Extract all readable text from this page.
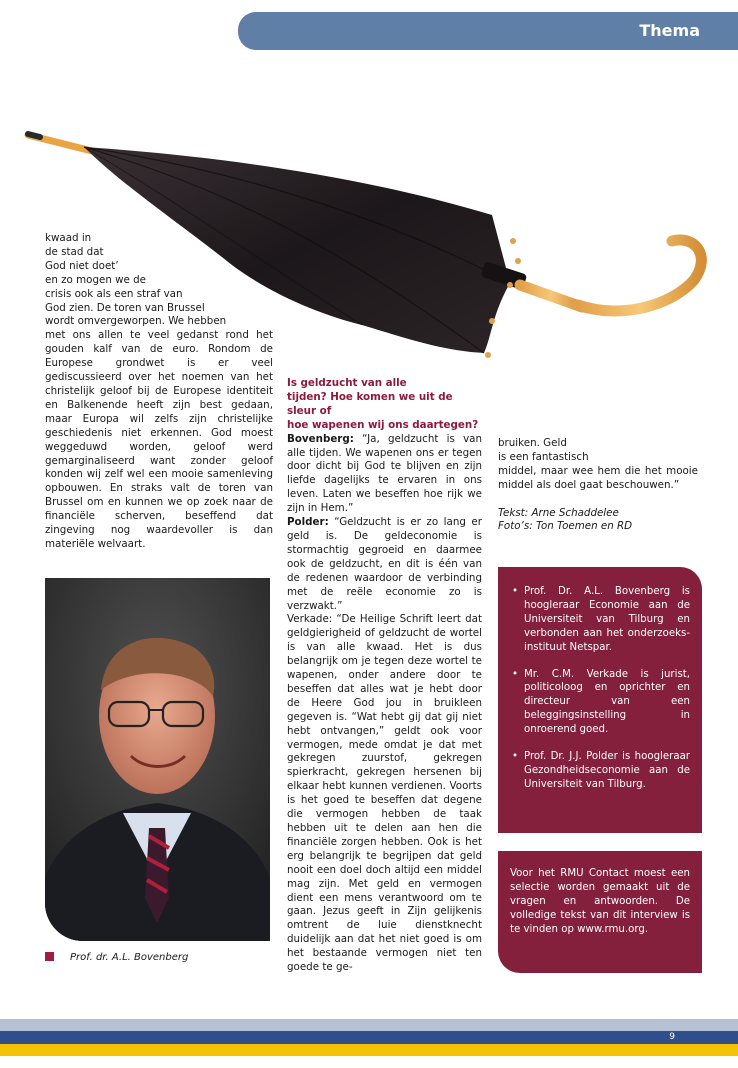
Thema
kwaad in
de stad dat
God niet doet’
en zo mogen we de
crisis ook als een straf van
God zien. De toren van Brussel
wordt omvergeworpen. We hebben

met ons allen te veel gedanst rond het gouden kalf van de euro. Rondom de Europese grondwet is er veel gediscussieerd over het noemen van het christelijk geloof bij de Europese identiteit en Balkenende heeft zijn best gedaan, maar Europa wil zelfs zijn christelijke geschiedenis niet erkennen. God moest weggeduwd worden, geloof werd gemarginaliseerd want zonder geloof konden wij zelf wel een mooie samenleving opbouwen. En straks valt de toren van Brussel om en kunnen we op zoek naar de financiële scherven, beseffend dat zingeving nog waardevoller is dan materiële welvaart.

Prof. dr. A.L. Bovenberg
Is geldzucht van alle
tijden? Hoe komen we uit de sleur of
hoe wapenen wij ons daartegen?

Bovenberg: “Ja, geldzucht is van alle tijden. We wapenen ons er tegen door dicht bij God te blijven en zijn liefde dagelijks te ervaren in ons leven. Laten we beseffen hoe rijk we zijn in Hem.”

Polder: “Geldzucht is er zo lang er geld is. De geldeconomie is stormachtig gegroeid en daarmee ook de geldzucht, en dit is één van de redenen waardoor de verbinding met de reële economie zo is verzwakt.”

Verkade: “De Heilige Schrift leert dat geldgierigheid of geldzucht de wortel is van alle kwaad. Het is dus belangrijk om je tegen deze wortel te wapenen, onder andere door te beseffen dat alles wat je hebt door de Heere God jou in bruikleen gegeven is. “Wat hebt gij dat gij niet hebt ontvangen,” geldt ook voor vermogen, mede omdat je dat met gekregen zuurstof, gekregen spierkracht, gekregen hersenen bij elkaar hebt kunnen verdienen. Voorts is het goed te beseffen dat degene die vermogen hebben de taak hebben uit te delen aan hen die financiële zorgen hebben. Ook is het erg belangrijk te begrijpen dat geld nooit een doel doch altijd een middel mag zijn. Met geld en vermogen dient een mens verantwoord om te gaan. Jezus geeft in Zijn gelijkenis omtrent de luie dienstknecht duidelijk aan dat het niet goed is om het bestaande vermogen niet ten goede te ge-

bruiken. Geld
is een fantastisch

middel, maar wee hem die het mooie middel als doel gaat beschouwen.”

Tekst: Arne Schaddelee

Foto’s: Ton Toemen en RD

• Prof. Dr. A.L. Bovenberg is hoogleraar Economie aan de Universiteit van Tilburg en verbonden aan het onderzoeks-instituut Netspar.
• Mr. C.M. Verkade is jurist, politicoloog en oprichter en directeur van een beleggingsinstelling in onroerend goed.
• Prof. Dr. J.J. Polder is hoogleraar Gezondheidseconomie aan de Universiteit van Tilburg.

Voor het RMU Contact moest een selectie worden gemaakt uit de vragen en antwoorden. De volledige tekst van dit interview is te vinden op www.rmu.org.

9
